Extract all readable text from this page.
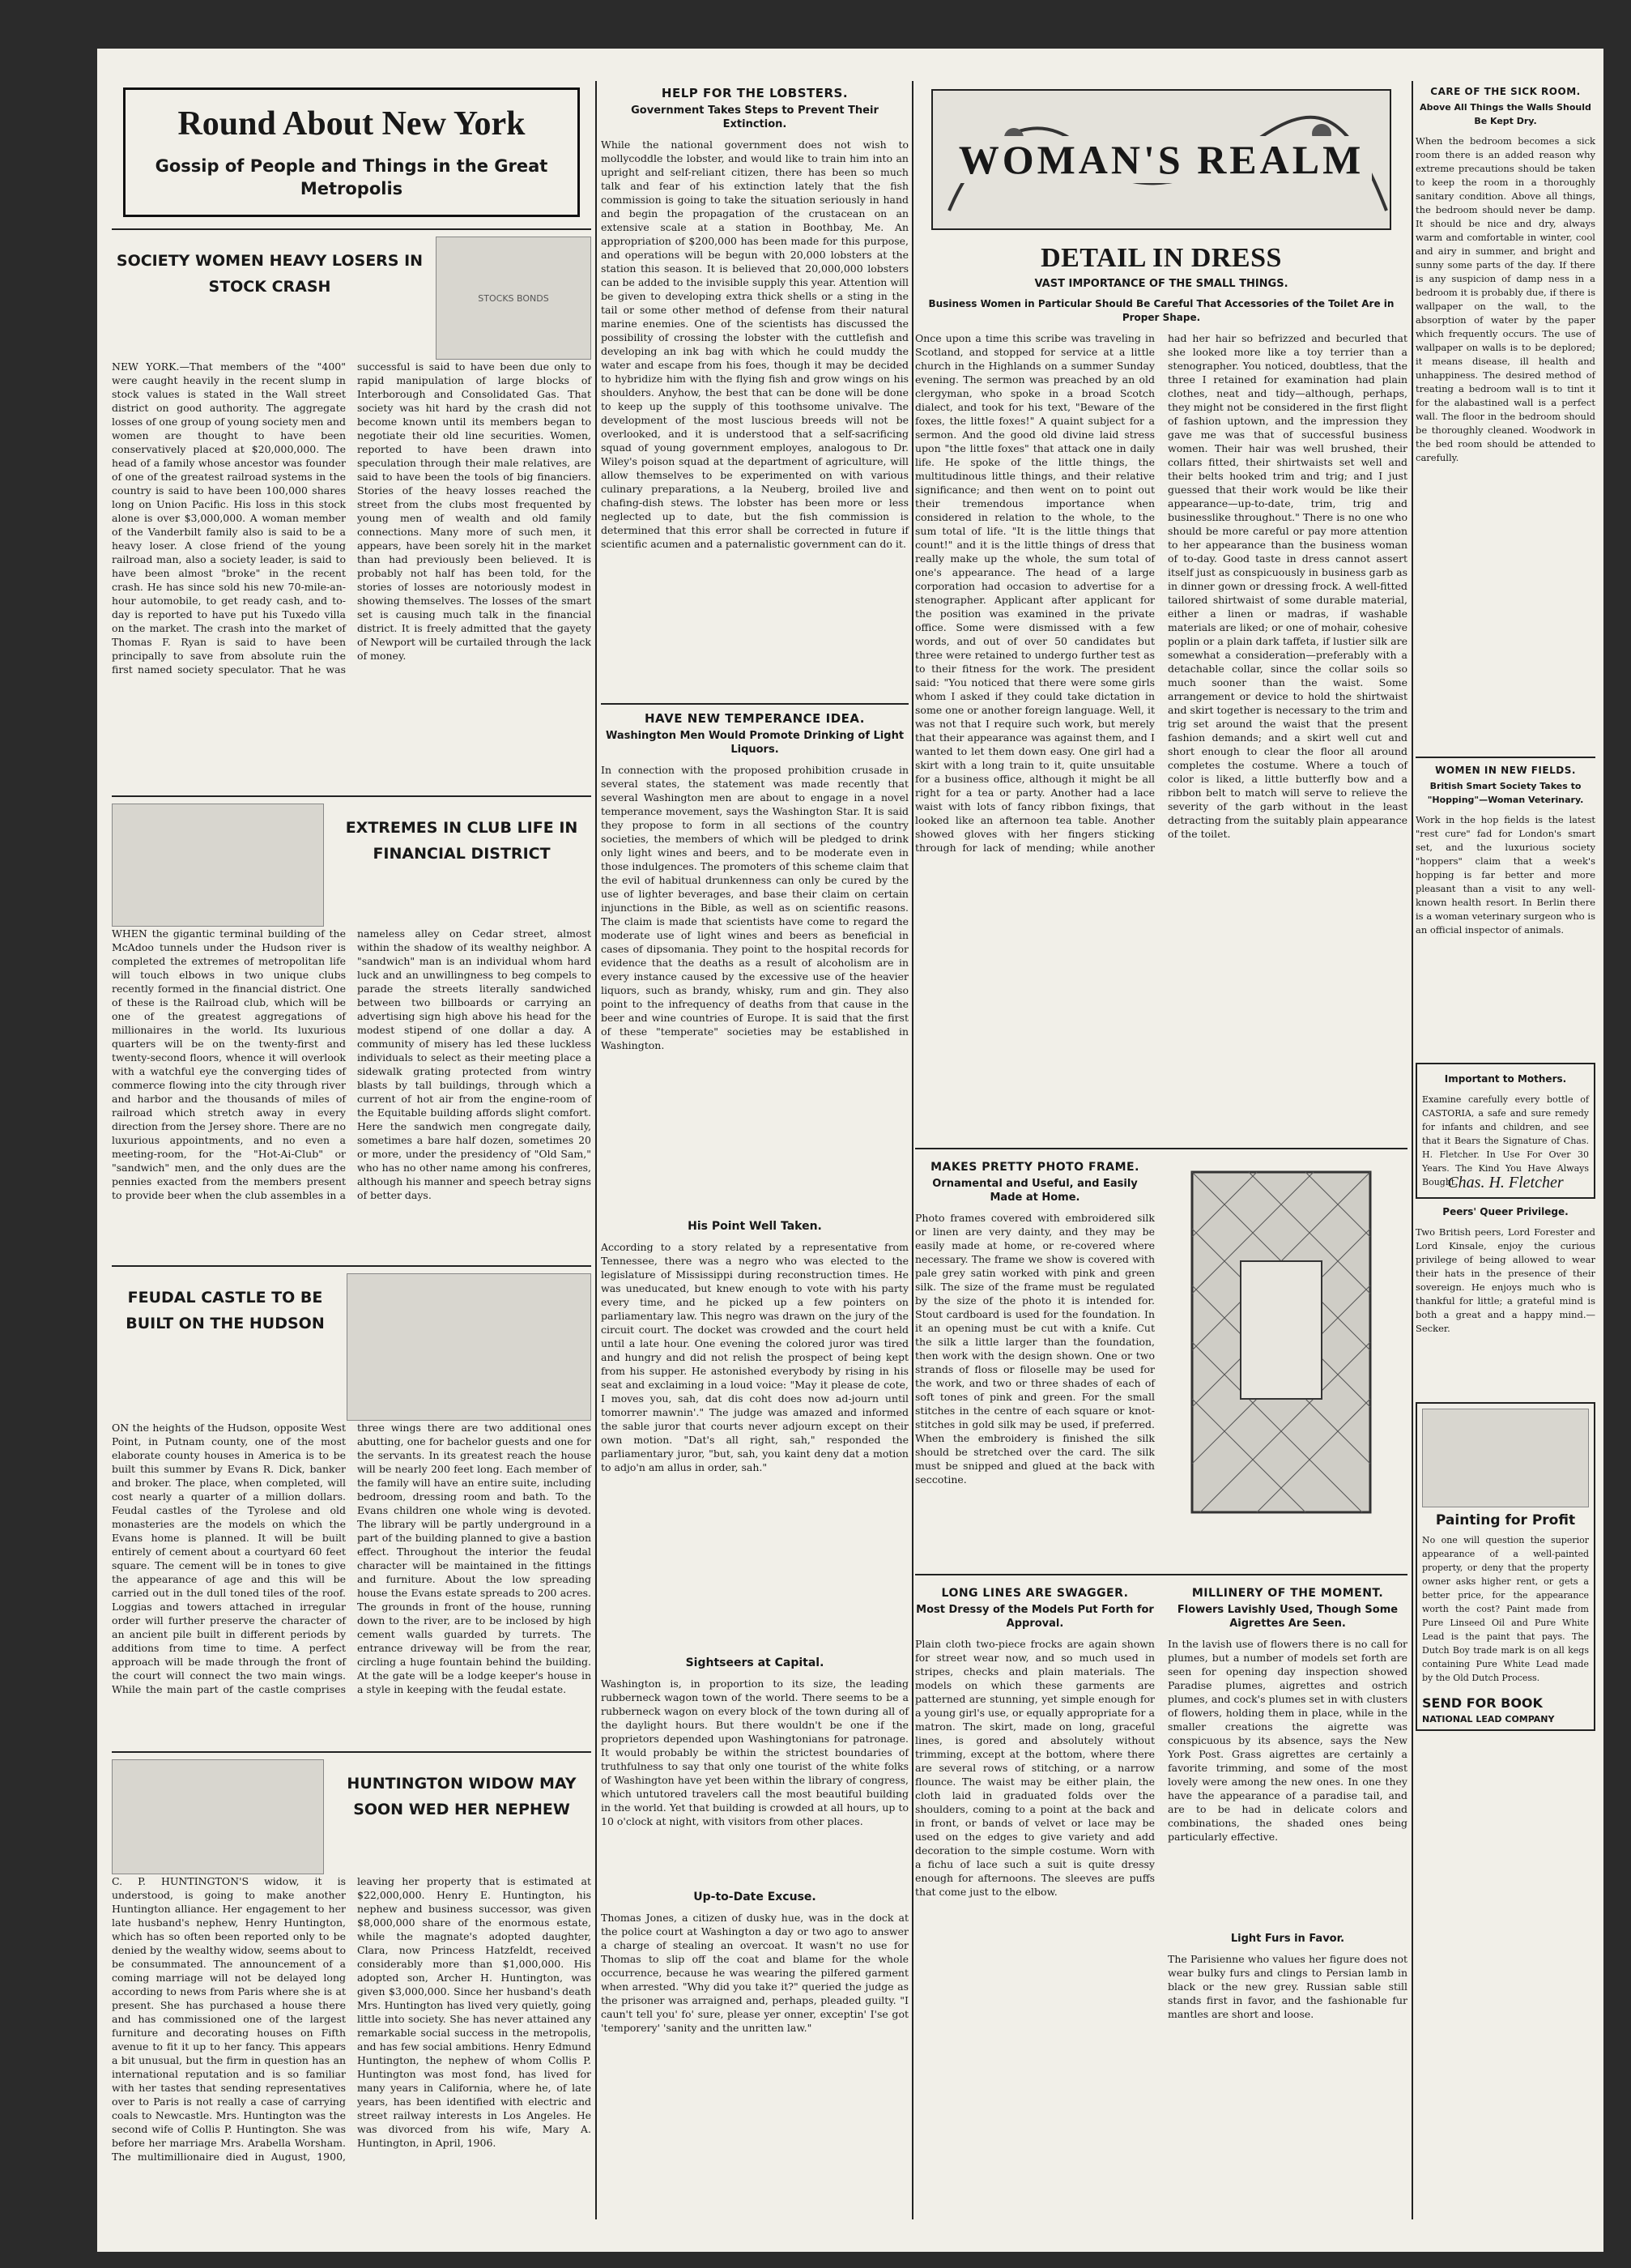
Round About New York
Gossip of People and Things in the Great Metropolis
SOCIETY WOMEN HEAVY LOSERS IN STOCK CRASH
STOCKS BONDS
NEW YORK.—That members of the "400" were caught heavily in the recent slump in stock values is stated in the Wall street district on good authority. The aggregate losses of one group of young society men and women are thought to have been conservatively placed at $20,000,000. The head of a family whose ancestor was founder of one of the greatest railroad systems in the country is said to have been 100,000 shares long on Union Pacific. His loss in this stock alone is over $3,000,000. A woman member of the Vanderbilt family also is said to be a heavy loser. A close friend of the young railroad man, also a society leader, is said to have been almost "broke" in the recent crash. He has since sold his new 70-mile-an-hour automobile, to get ready cash, and to-day is reported to have put his Tuxedo villa on the market. The crash into the market of Thomas F. Ryan is said to have been principally to save from absolute ruin the first named society speculator. That he was successful is said to have been due only to rapid manipulation of large blocks of Interborough and Consolidated Gas. That society was hit hard by the crash did not become known until its members began to negotiate their old line securities. Women, reported to have been drawn into speculation through their male relatives, are said to have been the tools of big financiers. Stories of the heavy losses reached the street from the clubs most frequented by young men of wealth and old family connections. Many more of such men, it appears, have been sorely hit in the market than had previously been believed. It is probably not half has been told, for the stories of losses are notoriously modest in showing themselves. The losses of the smart set is causing much talk in the financial district. It is freely admitted that the gayety of Newport will be curtailed through the lack of money.
EXTREMES IN CLUB LIFE IN FINANCIAL DISTRICT
WHEN the gigantic terminal building of the McAdoo tunnels under the Hudson river is completed the extremes of metropolitan life will touch elbows in two unique clubs recently formed in the financial district. One of these is the Railroad club, which will be one of the greatest aggregations of millionaires in the world. Its luxurious quarters will be on the twenty-first and twenty-second floors, whence it will overlook with a watchful eye the converging tides of commerce flowing into the city through river and harbor and the thousands of miles of railroad which stretch away in every direction from the Jersey shore. There are no luxurious appointments, and no even a meeting-room, for the "Hot-Ai-Club" or "sandwich" men, and the only dues are the pennies exacted from the members present to provide beer when the club assembles in a nameless alley on Cedar street, almost within the shadow of its wealthy neighbor. A "sandwich" man is an individual whom hard luck and an unwillingness to beg compels to parade the streets literally sandwiched between two billboards or carrying an advertising sign high above his head for the modest stipend of one dollar a day. A community of misery has led these luckless individuals to select as their meeting place a sidewalk grating protected from wintry blasts by tall buildings, through which a current of hot air from the engine-room of the Equitable building affords slight comfort. Here the sandwich men congregate daily, sometimes a bare half dozen, sometimes 20 or more, under the presidency of "Old Sam," who has no other name among his confreres, although his manner and speech betray signs of better days.
FEUDAL CASTLE TO BE BUILT ON THE HUDSON
ON the heights of the Hudson, opposite West Point, in Putnam county, one of the most elaborate county houses in America is to be built this summer by Evans R. Dick, banker and broker. The place, when completed, will cost nearly a quarter of a million dollars. Feudal castles of the Tyrolese and old monasteries are the models on which the Evans home is planned. It will be built entirely of cement about a courtyard 60 feet square. The cement will be in tones to give the appearance of age and this will be carried out in the dull toned tiles of the roof. Loggias and towers attached in irregular order will further preserve the character of an ancient pile built in different periods by additions from time to time. A perfect approach will be made through the front of the court will connect the two main wings. While the main part of the castle comprises three wings there are two additional ones abutting, one for bachelor guests and one for the servants. In its greatest reach the house will be nearly 200 feet long. Each member of the family will have an entire suite, including bedroom, dressing room and bath. To the Evans children one whole wing is devoted. The library will be partly underground in a part of the building planned to give a bastion effect. Throughout the interior the feudal character will be maintained in the fittings and furniture. About the low spreading house the Evans estate spreads to 200 acres. The grounds in front of the house, running down to the river, are to be inclosed by high cement walls guarded by turrets. The entrance driveway will be from the rear, circling a huge fountain behind the building. At the gate will be a lodge keeper's house in a style in keeping with the feudal estate.
HUNTINGTON WIDOW MAY SOON WED HER NEPHEW
C. P. HUNTINGTON'S widow, it is understood, is going to make another Huntington alliance. Her engagement to her late husband's nephew, Henry Huntington, which has so often been reported only to be denied by the wealthy widow, seems about to be consummated. The announcement of a coming marriage will not be delayed long according to news from Paris where she is at present. She has purchased a house there and has commissioned one of the largest furniture and decorating houses on Fifth avenue to fit it up to her fancy. This appears a bit unusual, but the firm in question has an international reputation and is so familiar with her tastes that sending representatives over to Paris is not really a case of carrying coals to Newcastle. Mrs. Huntington was the second wife of Collis P. Huntington. She was before her marriage Mrs. Arabella Worsham. The multimillionaire died in August, 1900, leaving her property that is estimated at $22,000,000. Henry E. Huntington, his nephew and business successor, was given $8,000,000 share of the enormous estate, while the magnate's adopted daughter, Clara, now Princess Hatzfeldt, received considerably more than $1,000,000. His adopted son, Archer H. Huntington, was given $3,000,000. Since her husband's death Mrs. Huntington has lived very quietly, going little into society. She has never attained any remarkable social success in the metropolis, and has few social ambitions. Henry Edmund Huntington, the nephew of whom Collis P. Huntington was most fond, has lived for many years in California, where he, of late years, has been identified with electric and street railway interests in Los Angeles. He was divorced from his wife, Mary A. Huntington, in April, 1906.
HELP FOR THE LOBSTERS.
Government Takes Steps to Prevent Their Extinction.
While the national government does not wish to mollycoddle the lobster, and would like to train him into an upright and self-reliant citizen, there has been so much talk and fear of his extinction lately that the fish commission is going to take the situation seriously in hand and begin the propagation of the crustacean on an extensive scale at a station in Boothbay, Me. An appropriation of $200,000 has been made for this purpose, and operations will be begun with 20,000 lobsters at the station this season. It is believed that 20,000,000 lobsters can be added to the invisible supply this year. Attention will be given to developing extra thick shells or a sting in the tail or some other method of defense from their natural marine enemies. One of the scientists has discussed the possibility of crossing the lobster with the cuttlefish and developing an ink bag with which he could muddy the water and escape from his foes, though it may be decided to hybridize him with the flying fish and grow wings on his shoulders. Anyhow, the best that can be done will be done to keep up the supply of this toothsome univalve. The development of the most luscious breeds will not be overlooked, and it is understood that a self-sacrificing squad of young government employes, analogous to Dr. Wiley's poison squad at the department of agriculture, will allow themselves to be experimented on with various culinary preparations, a la Neuberg, broiled live and chafing-dish stews. The lobster has been more or less neglected up to date, but the fish commission is determined that this error shall be corrected in future if scientific acumen and a paternalistic government can do it.
HAVE NEW TEMPERANCE IDEA.
Washington Men Would Promote Drinking of Light Liquors.
In connection with the proposed prohibition crusade in several states, the statement was made recently that several Washington men are about to engage in a novel temperance movement, says the Washington Star. It is said they propose to form in all sections of the country societies, the members of which will be pledged to drink only light wines and beers, and to be moderate even in those indulgences. The promoters of this scheme claim that the evil of habitual drunkenness can only be cured by the use of lighter beverages, and base their claim on certain injunctions in the Bible, as well as on scientific reasons. The claim is made that scientists have come to regard the moderate use of light wines and beers as beneficial in cases of dipsomania. They point to the hospital records for evidence that the deaths as a result of alcoholism are in every instance caused by the excessive use of the heavier liquors, such as brandy, whisky, rum and gin. They also point to the infrequency of deaths from that cause in the beer and wine countries of Europe. It is said that the first of these "temperate" societies may be established in Washington.
His Point Well Taken.
According to a story related by a representative from Tennessee, there was a negro who was elected to the legislature of Mississippi during reconstruction times. He was uneducated, but knew enough to vote with his party every time, and he picked up a few pointers on parliamentary law. This negro was drawn on the jury of the circuit court. The docket was crowded and the court held until a late hour. One evening the colored juror was tired and hungry and did not relish the prospect of being kept from his supper. He astonished everybody by rising in his seat and exclaiming in a loud voice: "May it please de cote, I moves you, sah, dat dis coht does now ad-journ until tomorrer mawnin'." The judge was amazed and informed the sable juror that courts never adjourn except on their own motion. "Dat's all right, sah," responded the parliamentary juror, "but, sah, you kaint deny dat a motion to adjo'n am allus in order, sah."
Sightseers at Capital.
Washington is, in proportion to its size, the leading rubberneck wagon town of the world. There seems to be a rubberneck wagon on every block of the town during all of the daylight hours. But there wouldn't be one if the proprietors depended upon Washingtonians for patronage. It would probably be within the strictest boundaries of truthfulness to say that only one tourist of the white folks of Washington have yet been within the library of congress, which untutored travelers call the most beautiful building in the world. Yet that building is crowded at all hours, up to 10 o'clock at night, with visitors from other places.
Up-to-Date Excuse.
Thomas Jones, a citizen of dusky hue, was in the dock at the police court at Washington a day or two ago to answer a charge of stealing an overcoat. It wasn't no use for Thomas to slip off the coat and blame for the whole occurrence, because he was wearing the pilfered garment when arrested. "Why did you take it?" queried the judge as the prisoner was arraigned and, perhaps, pleaded guilty. "I caun't tell you' fo' sure, please yer onner, exceptin' I'se got 'temporery' 'sanity and the unritten law."
WOMAN'S REALM
DETAIL IN DRESS
VAST IMPORTANCE OF THE SMALL THINGS.
Business Women in Particular Should Be Careful That Accessories of the Toilet Are in Proper Shape.
Once upon a time this scribe was traveling in Scotland, and stopped for service at a little church in the Highlands on a summer Sunday evening. The sermon was preached by an old clergyman, who spoke in a broad Scotch dialect, and took for his text, "Beware of the foxes, the little foxes!" A quaint subject for a sermon. And the good old divine laid stress upon "the little foxes" that attack one in daily life. He spoke of the little things, the multitudinous little things, and their relative significance; and then went on to point out their tremendous importance when considered in relation to the whole, to the sum total of life. "It is the little things that count!" and it is the little things of dress that really make up the whole, the sum total of one's appearance. The head of a large corporation had occasion to advertise for a stenographer. Applicant after applicant for the position was examined in the private office. Some were dismissed with a few words, and out of over 50 candidates but three were retained to undergo further test as to their fitness for the work. The president said: "You noticed that there were some girls whom I asked if they could take dictation in some one or another foreign language. Well, it was not that I require such work, but merely that their appearance was against them, and I wanted to let them down easy. One girl had a skirt with a long train to it, quite unsuitable for a business office, although it might be all right for a tea or party. Another had a lace waist with lots of fancy ribbon fixings, that looked like an afternoon tea table. Another showed gloves with her fingers sticking through for lack of mending; while another had her hair so befrizzed and becurled that she looked more like a toy terrier than a stenographer. You noticed, doubtless, that the three I retained for examination had plain clothes, neat and tidy—although, perhaps, they might not be considered in the first flight of fashion uptown, and the impression they gave me was that of successful business women. Their hair was well brushed, their collars fitted, their shirtwaists set well and their belts hooked trim and trig; and I just guessed that their work would be like their appearance—up-to-date, trim, trig and businesslike throughout." There is no one who should be more careful or pay more attention to her appearance than the business woman of to-day. Good taste in dress cannot assert itself just as conspicuously in business garb as in dinner gown or dressing frock. A well-fitted tailored shirtwaist of some durable material, either a linen or madras, if washable materials are liked; or one of mohair, cohesive poplin or a plain dark taffeta, if lustier silk are somewhat a consideration—preferably with a detachable collar, since the collar soils so much sooner than the waist. Some arrangement or device to hold the shirtwaist and skirt together is necessary to the trim and trig set around the waist that the present fashion demands; and a skirt well cut and short enough to clear the floor all around completes the costume. Where a touch of color is liked, a little butterfly bow and a ribbon belt to match will serve to relieve the severity of the garb without in the least detracting from the suitably plain appearance of the toilet.
MAKES PRETTY PHOTO FRAME.
Ornamental and Useful, and Easily Made at Home.
Photo frames covered with embroidered silk or linen are very dainty, and they may be easily made at home, or re-covered where necessary. The frame we show is covered with pale grey satin worked with pink and green silk. The size of the frame must be regulated by the size of the photo it is intended for. Stout cardboard is used for the foundation. In it an opening must be cut with a knife. Cut the silk a little larger than the foundation, then work with the design shown. One or two strands of floss or filoselle may be used for the work, and two or three shades of each of soft tones of pink and green. For the small stitches in the centre of each square or knot-stitches in gold silk may be used, if preferred. When the embroidery is finished the silk should be stretched over the card. The silk must be snipped and glued at the back with seccotine.
LONG LINES ARE SWAGGER.
Most Dressy of the Models Put Forth for Approval.
Plain cloth two-piece frocks are again shown for street wear now, and so much used in stripes, checks and plain materials. The models on which these garments are patterned are stunning, yet simple enough for a young girl's use, or equally appropriate for a matron. The skirt, made on long, graceful lines, is gored and absolutely without trimming, except at the bottom, where there are several rows of stitching, or a narrow flounce. The waist may be either plain, the cloth laid in graduated folds over the shoulders, coming to a point at the back and in front, or bands of velvet or lace may be used on the edges to give variety and add decoration to the simple costume. Worn with a fichu of lace such a suit is quite dressy enough for afternoons. The sleeves are puffs that come just to the elbow.
MILLINERY OF THE MOMENT.
Flowers Lavishly Used, Though Some Aigrettes Are Seen.
In the lavish use of flowers there is no call for plumes, but a number of models set forth are seen for opening day inspection showed Paradise plumes, aigrettes and ostrich plumes, and cock's plumes set in with clusters of flowers, holding them in place, while in the smaller creations the aigrette was conspicuous by its absence, says the New York Post. Grass aigrettes are certainly a favorite trimming, and some of the most lovely were among the new ones. In one they have the appearance of a paradise tail, and are to be had in delicate colors and combinations, the shaded ones being particularly effective.
Light Furs in Favor.
The Parisienne who values her figure does not wear bulky furs and clings to Persian lamb in black or the new grey. Russian sable still stands first in favor, and the fashionable fur mantles are short and loose.
CARE OF THE SICK ROOM.
Above All Things the Walls Should Be Kept Dry.
When the bedroom becomes a sick room there is an added reason why extreme precautions should be taken to keep the room in a thoroughly sanitary condition. Above all things, the bedroom should never be damp. It should be nice and dry, always warm and comfortable in winter, cool and airy in summer, and bright and sunny some parts of the day. If there is any suspicion of damp ness in a bedroom it is probably due, if there is wallpaper on the wall, to the absorption of water by the paper which frequently occurs. The use of wallpaper on walls is to be deplored; it means disease, ill health and unhappiness. The desired method of treating a bedroom wall is to tint it for the alabastined wall is a perfect wall. The floor in the bedroom should be thoroughly cleaned. Woodwork in the bed room should be attended to carefully.
WOMEN IN NEW FIELDS.
British Smart Society Takes to "Hopping"—Woman Veterinary.
Work in the hop fields is the latest "rest cure" fad for London's smart set, and the luxurious society "hoppers" claim that a week's hopping is far better and more pleasant than a visit to any well-known health resort. In Berlin there is a woman veterinary surgeon who is an official inspector of animals.
Important to Mothers.
Examine carefully every bottle of CASTORIA, a safe and sure remedy for infants and children, and see that it Bears the Signature of Chas. H. Fletcher. In Use For Over 30 Years. The Kind You Have Always Bought.
Chas. H. Fletcher
Peers' Queer Privilege.
Two British peers, Lord Forester and Lord Kinsale, enjoy the curious privilege of being allowed to wear their hats in the presence of their sovereign. He enjoys much who is thankful for little; a grateful mind is both a great and a happy mind.—Secker.
Painting for Profit
No one will question the superior appearance of a well-painted property, or deny that the property owner asks higher rent, or gets a better price, for the appearance worth the cost? Paint made from Pure Linseed Oil and Pure White Lead is the paint that pays. The Dutch Boy trade mark is on all kegs containing Pure White Lead made by the Old Dutch Process.
SEND FOR BOOK
NATIONAL LEAD COMPANY
